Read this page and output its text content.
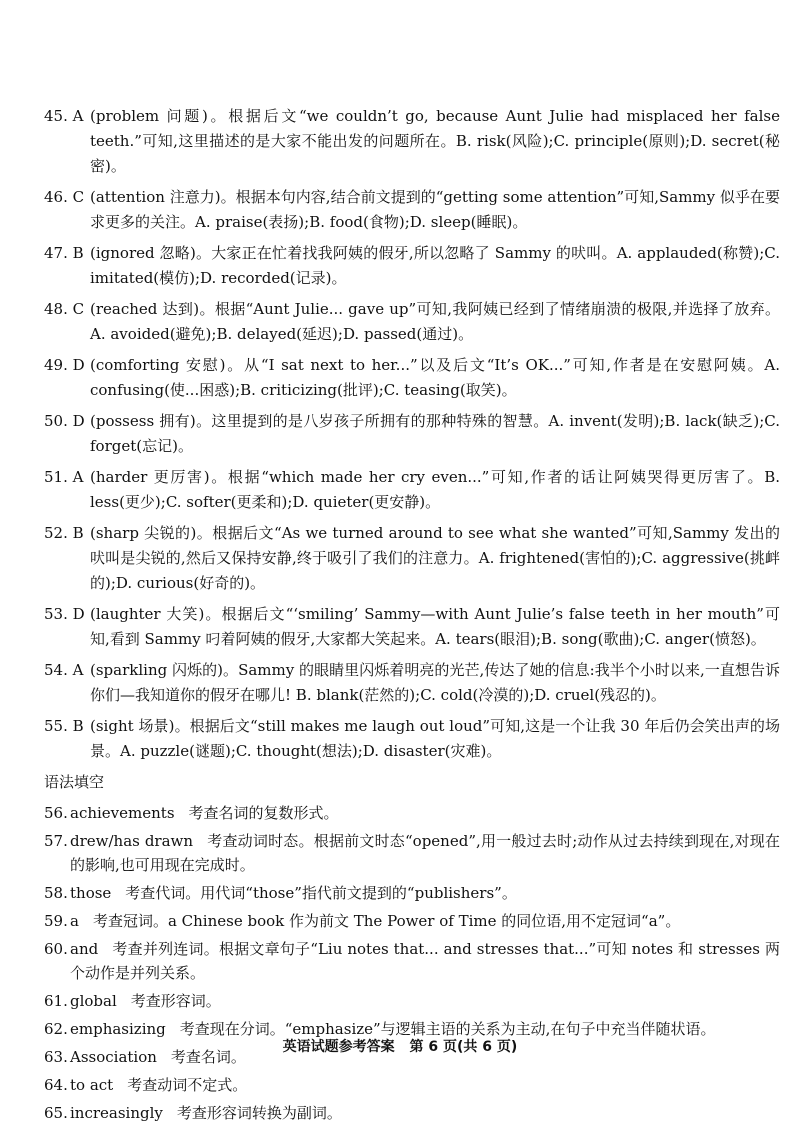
45. A (problem 问题)。根据后文“we couldn’t go, because Aunt Julie had misplaced her false teeth.”可知,这里描述的是大家不能出发的问题所在。B. risk(风险);C. principle(原则);D. secret(秘密)。
46. C (attention 注意力)。根据本句内容,结合前文提到的“getting some attention”可知,Sammy 似乎在要求更多的关注。A. praise(表扬);B. food(食物);D. sleep(睡眠)。
47. B (ignored 忽略)。大家正在忙着找我阿姨的假牙,所以忽略了 Sammy 的吠叫。A. applauded(称赞);C. imitated(模仿);D. recorded(记录)。
48. C (reached 达到)。根据“Aunt Julie... gave up”可知,我阿姨已经到了情绪崩溃的极限,并选择了放弃。A. avoided(避免);B. delayed(延迟);D. passed(通过)。
49. D (comforting 安慰)。从“I sat next to her...”以及后文“It’s OK...”可知,作者是在安慰阿姨。A. confusing(使...困惑);B. criticizing(批评);C. teasing(取笑)。
50. D (possess 拥有)。这里提到的是八岁孩子所拥有的那种特殊的智慧。A. invent(发明);B. lack(缺乏);C. forget(忘记)。
51. A (harder 更厉害)。根据“which made her cry even...”可知,作者的话让阿姨哭得更厉害了。B. less(更少);C. softer(更柔和);D. quieter(更安静)。
52. B (sharp 尖锐的)。根据后文“As we turned around to see what she wanted”可知,Sammy 发出的吠叫是尖锐的,然后又保持安静,终于吸引了我们的注意力。A. frightened(害怕的);C. aggressive(挑衅的);D. curious(好奇的)。
53. D (laughter 大笑)。根据后文“‘smiling’ Sammy—with Aunt Julie’s false teeth in her mouth”可知,看到 Sammy 叼着阿姨的假牙,大家都大笑起来。A. tears(眼泪);B. song(歌曲);C. anger(愤怒)。
54. A (sparkling 闪烁的)。Sammy 的眼睛里闪烁着明亮的光芒,传达了她的信息:我半个小时以来,一直想告诉你们—我知道你的假牙在哪儿! B. blank(茫然的);C. cold(冷漠的);D. cruel(残忍的)。
55. B (sight 场景)。根据后文“still makes me laugh out loud”可知,这是一个让我 30 年后仍会笑出声的场景。A. puzzle(谜题);C. thought(想法);D. disaster(灾难)。
语法填空
56. achievements 考查名词的复数形式。
57. drew/has drawn 考查动词时态。根据前文时态“opened”,用一般过去时;动作从过去持续到现在,对现在的影响,也可用现在完成时。
58. those 考查代词。用代词“those”指代前文提到的“publishers”。
59. a 考查冠词。a Chinese book 作为前文 The Power of Time 的同位语,用不定冠词“a”。
60. and 考查并列连词。根据文章句子“Liu notes that... and stresses that...”可知 notes 和 stresses 两个动作是并列关系。
61. global 考查形容词。
62. emphasizing 考查现在分词。“emphasize”与逻辑主语的关系为主动,在句子中充当伴随状语。
63. Association 考查名词。
64. to act 考查动词不定式。
65. increasingly 考查形容词转换为副词。
英语试题参考答案 第 6 页(共 6 页)
